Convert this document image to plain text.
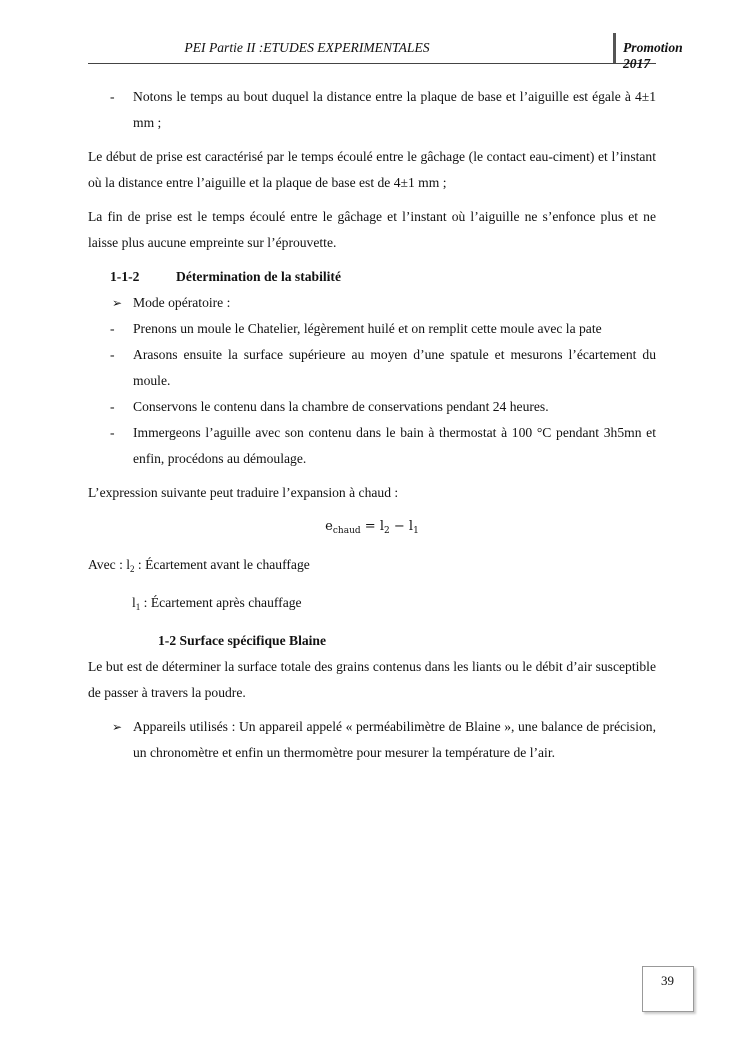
PEI Partie II :ETUDES EXPERIMENTALES	Promotion 2017
- Notons le temps au bout duquel la distance entre la plaque de base et l’aiguille est égale à 4±1 mm ;

Le début de prise est caractérisé par le temps écoulé entre le gâchage (le contact eau-ciment) et l’instant où la distance entre l’aiguille et la plaque de base est de 4±1 mm ;

La fin de prise est le temps écoulé entre le gâchage et l’instant où l’aiguille ne s’enfonce plus et ne laisse plus aucune empreinte sur l’éprouvette.

1-1-2	Détermination de la stabilité
➢ Mode opératoire :
- Prenons un moule le Chatelier, légèrement huilé et on remplit cette moule avec la pate
- Arasons ensuite la surface supérieure au moyen d’une spatule et mesurons l’écartement du moule.
- Conservons le contenu dans la chambre de conservations pendant 24 heures.
- Immergeons l’aguille avec son contenu dans le bain à thermostat à 100 °C pendant 3h5mn et enfin, procédons au démoulage.

L’expression suivante peut traduire l’expansion à chaud :

$e_{chaud} = l_2 - l_1$

Avec : $l_2$ : Écartement avant le chauffage

$l_1$ : Écartement après chauffage
1-2 Surface spécifique Blaine

Le but est de déterminer la surface totale des grains contenus dans les liants ou le débit d’air susceptible de passer à travers la poudre.

➢ Appareils utilisés : Un appareil appelé « perméabilimètre de Blaine », une balance de précision, un chronomètre et enfin un thermomètre pour mesurer la température de l’air.
39
